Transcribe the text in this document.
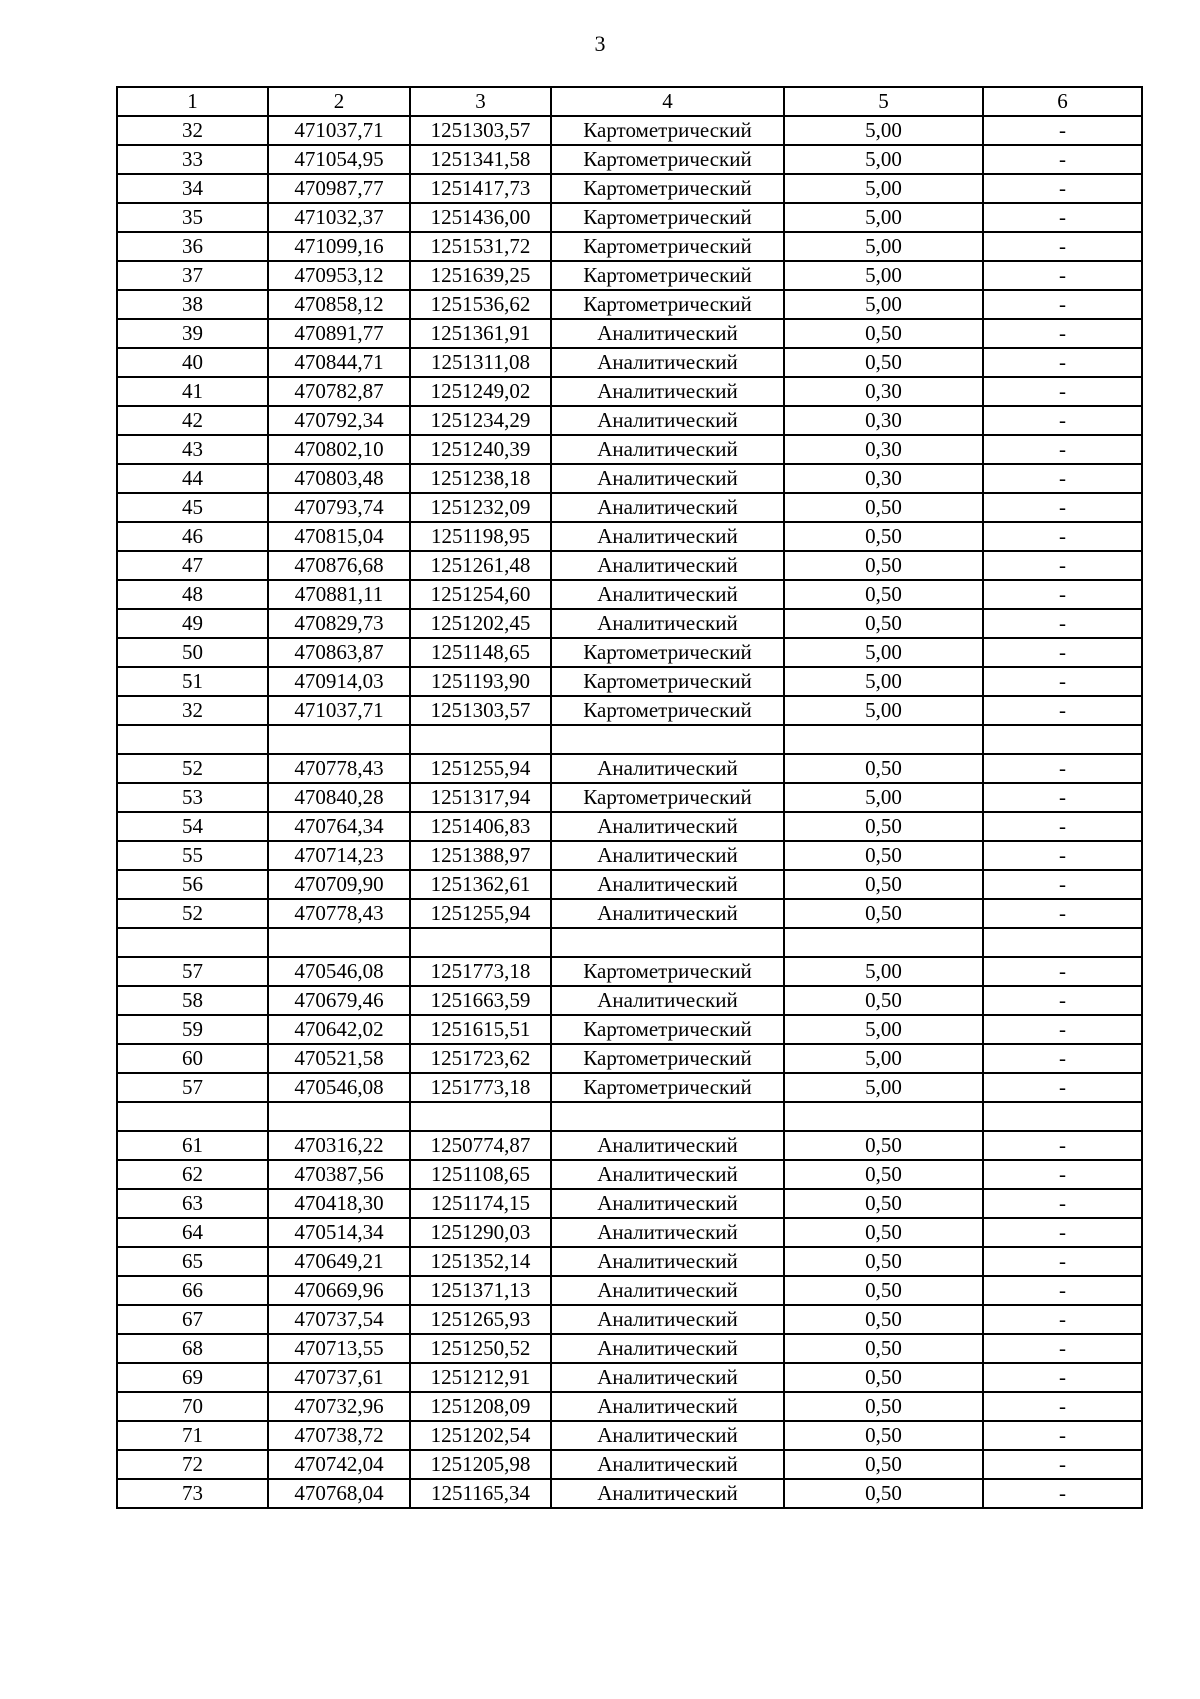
3
1	2	3	4	5	6
32	471037,71	1251303,57	Картометрический	5,00	-
33	471054,95	1251341,58	Картометрический	5,00	-
34	470987,77	1251417,73	Картометрический	5,00	-
35	471032,37	1251436,00	Картометрический	5,00	-
36	471099,16	1251531,72	Картометрический	5,00	-
37	470953,12	1251639,25	Картометрический	5,00	-
38	470858,12	1251536,62	Картометрический	5,00	-
39	470891,77	1251361,91	Аналитический	0,50	-
40	470844,71	1251311,08	Аналитический	0,50	-
41	470782,87	1251249,02	Аналитический	0,30	-
42	470792,34	1251234,29	Аналитический	0,30	-
43	470802,10	1251240,39	Аналитический	0,30	-
44	470803,48	1251238,18	Аналитический	0,30	-
45	470793,74	1251232,09	Аналитический	0,50	-
46	470815,04	1251198,95	Аналитический	0,50	-
47	470876,68	1251261,48	Аналитический	0,50	-
48	470881,11	1251254,60	Аналитический	0,50	-
49	470829,73	1251202,45	Аналитический	0,50	-
50	470863,87	1251148,65	Картометрический	5,00	-
51	470914,03	1251193,90	Картометрический	5,00	-
32	471037,71	1251303,57	Картометрический	5,00	-

52	470778,43	1251255,94	Аналитический	0,50	-
53	470840,28	1251317,94	Картометрический	5,00	-
54	470764,34	1251406,83	Аналитический	0,50	-
55	470714,23	1251388,97	Аналитический	0,50	-
56	470709,90	1251362,61	Аналитический	0,50	-
52	470778,43	1251255,94	Аналитический	0,50	-

57	470546,08	1251773,18	Картометрический	5,00	-
58	470679,46	1251663,59	Аналитический	0,50	-
59	470642,02	1251615,51	Картометрический	5,00	-
60	470521,58	1251723,62	Картометрический	5,00	-
57	470546,08	1251773,18	Картометрический	5,00	-

61	470316,22	1250774,87	Аналитический	0,50	-
62	470387,56	1251108,65	Аналитический	0,50	-
63	470418,30	1251174,15	Аналитический	0,50	-
64	470514,34	1251290,03	Аналитический	0,50	-
65	470649,21	1251352,14	Аналитический	0,50	-
66	470669,96	1251371,13	Аналитический	0,50	-
67	470737,54	1251265,93	Аналитический	0,50	-
68	470713,55	1251250,52	Аналитический	0,50	-
69	470737,61	1251212,91	Аналитический	0,50	-
70	470732,96	1251208,09	Аналитический	0,50	-
71	470738,72	1251202,54	Аналитический	0,50	-
72	470742,04	1251205,98	Аналитический	0,50	-
73	470768,04	1251165,34	Аналитический	0,50	-
